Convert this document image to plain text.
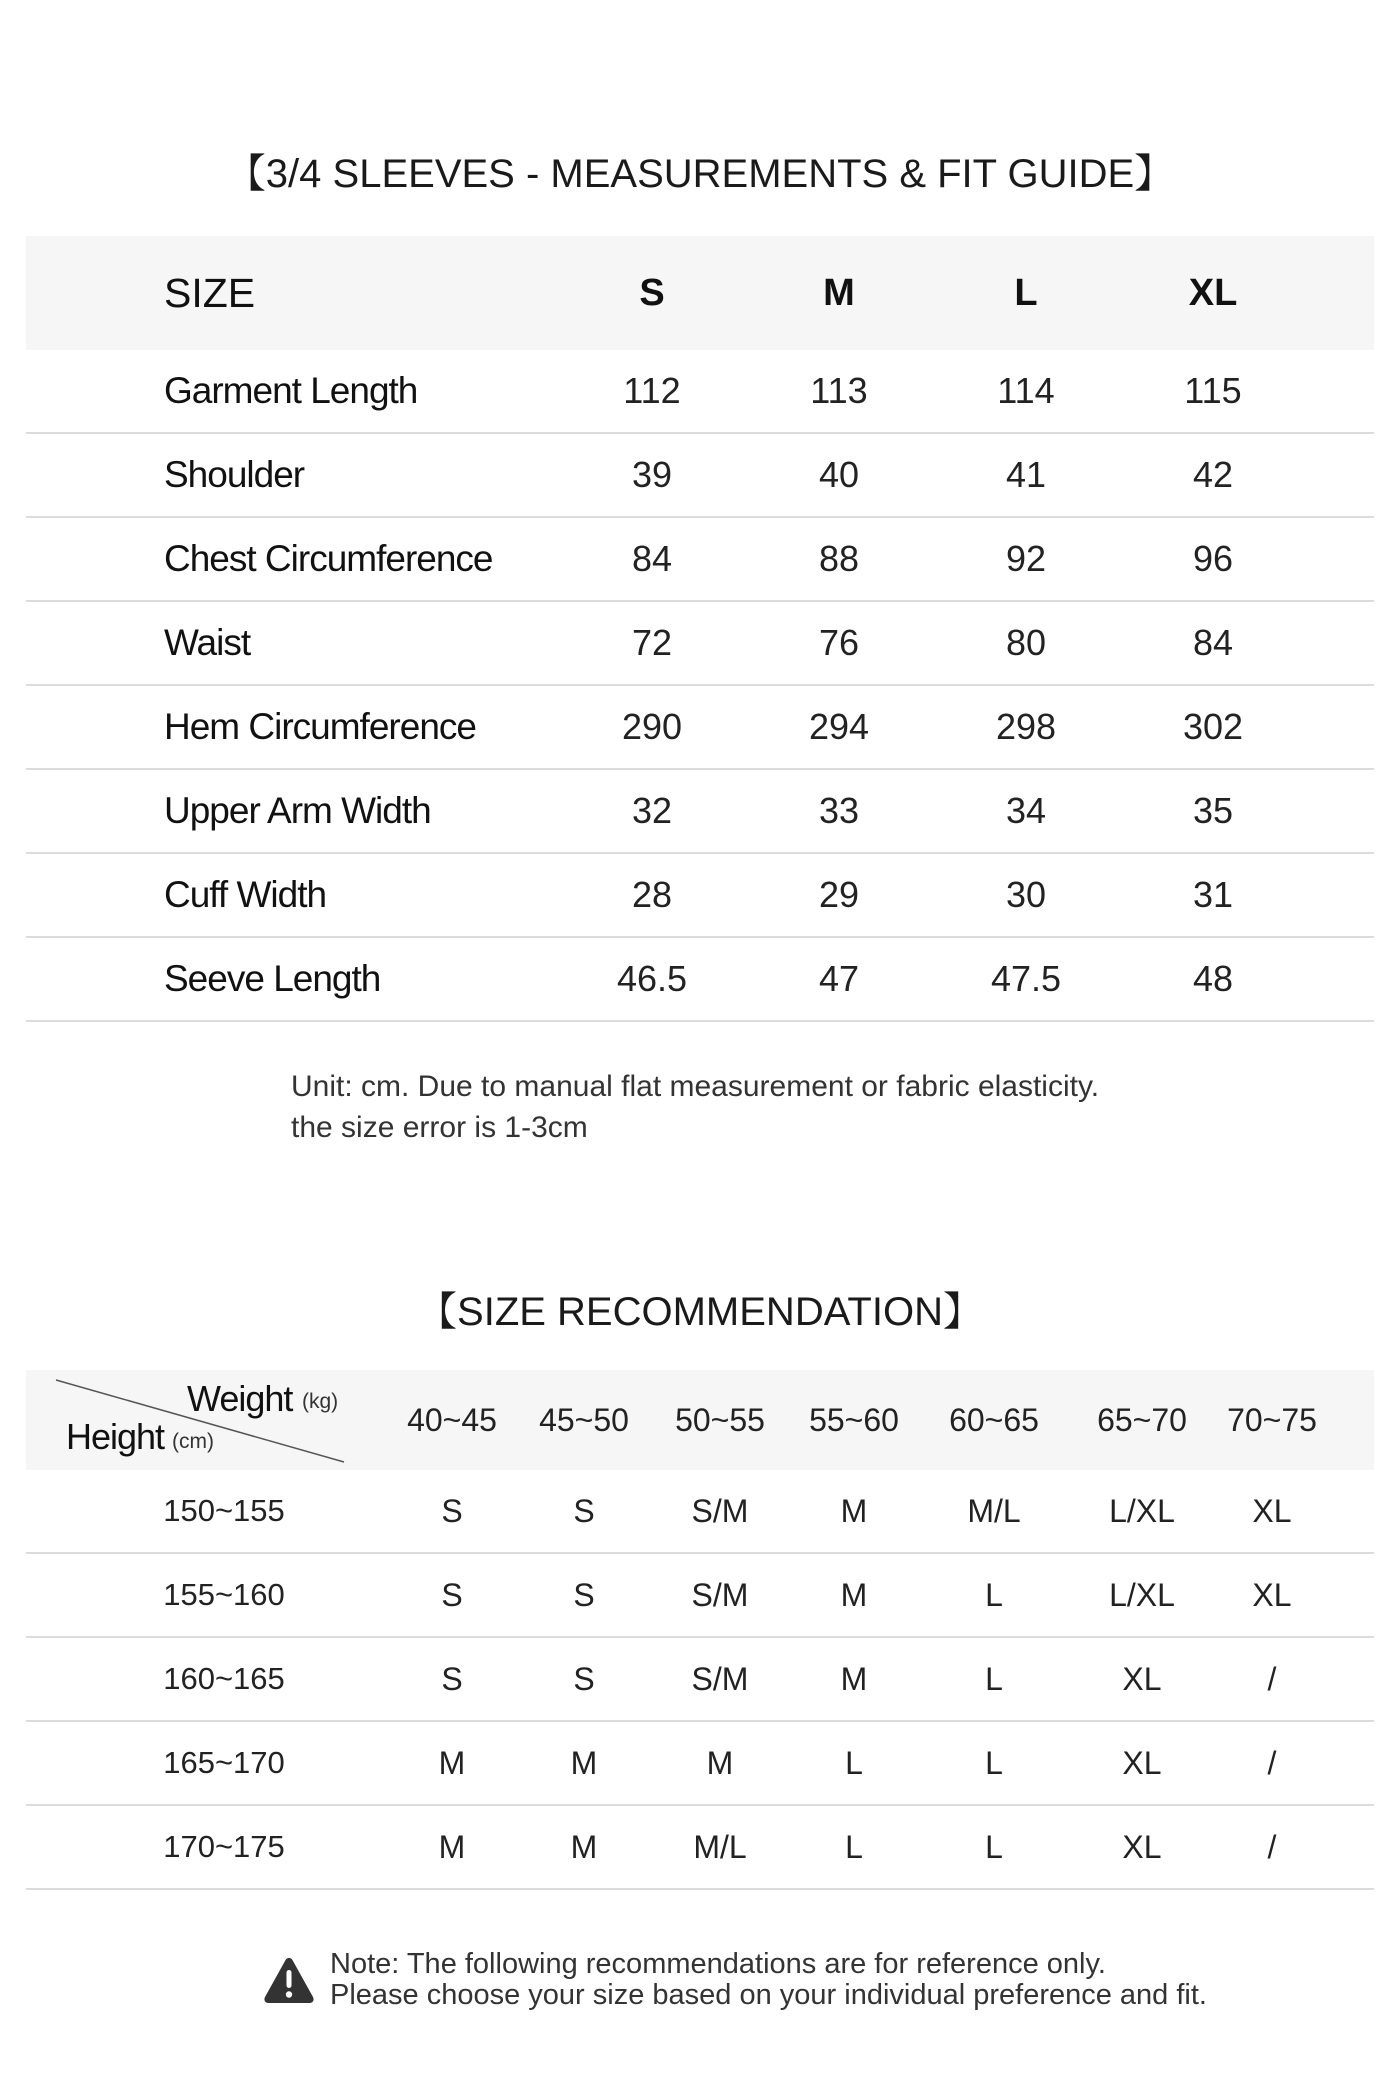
【3/4 SLEEVES - MEASUREMENTS & FIT GUIDE】
SIZE	S	M	L	XL
Garment Length	112	113	114	115
Shoulder	39	40	41	42
Chest Circumference	84	88	92	96
Waist	72	76	80	84
Hem Circumference	290	294	298	302
Upper Arm Width	32	33	34	35
Cuff Width	28	29	30	31
Seeve Length	46.5	47	47.5	48
Unit: cm. Due to manual flat measurement or fabric elasticity.
the size error is 1-3cm
【SIZE RECOMMENDATION】
Weight (kg)
Height (cm)
40~45	45~50	50~55	55~60	60~65	65~70	70~75
150~155	S	S	S/M	M	M/L	L/XL	XL
155~160	S	S	S/M	M	L	L/XL	XL
160~165	S	S	S/M	M	L	XL	/
165~170	M	M	M	L	L	XL	/
170~175	M	M	M/L	L	L	XL	/
Note: The following recommendations are for reference only.
Please choose your size based on your individual preference and fit.
